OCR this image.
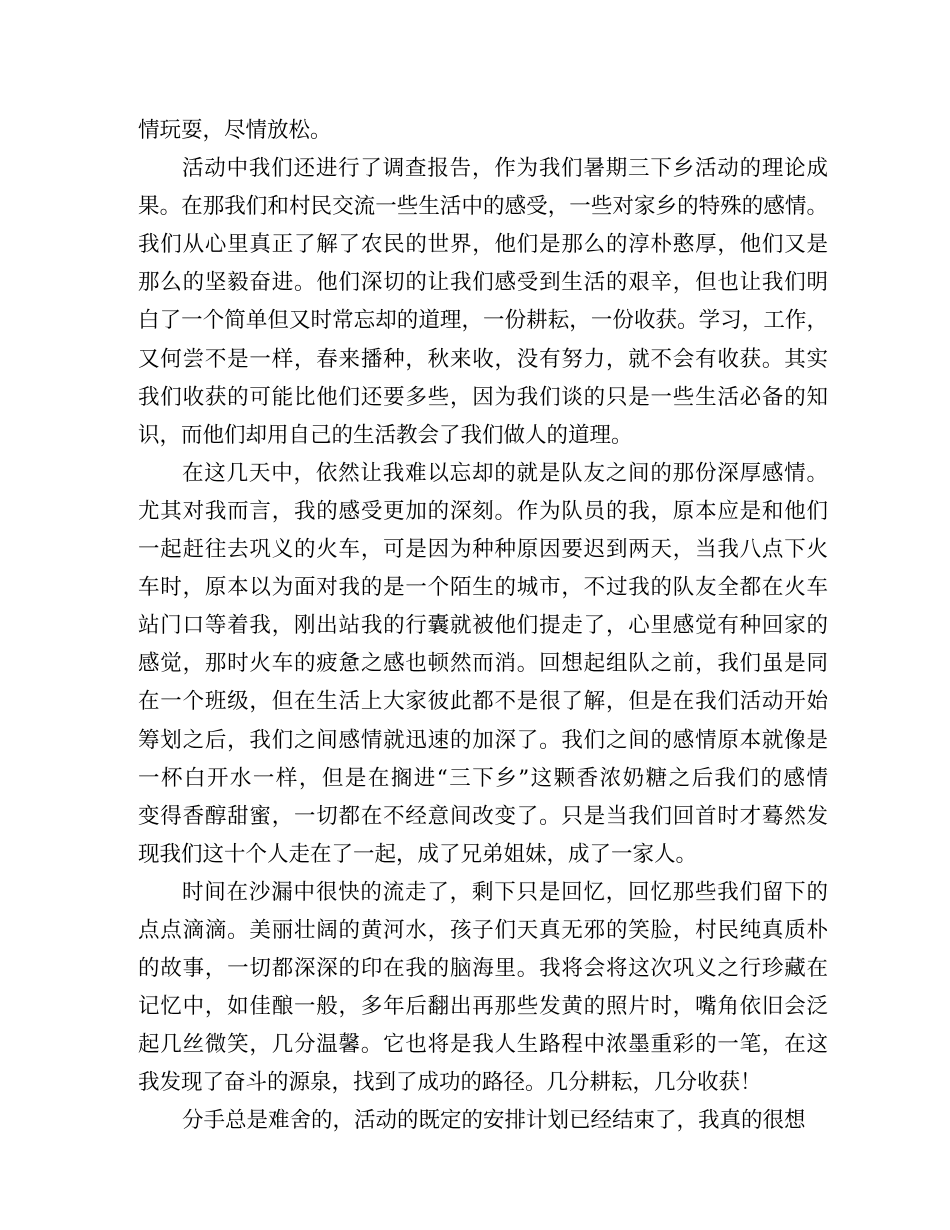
情玩耍，尽情放松。
活动中我们还进行了调查报告，作为我们暑期三下乡活动的理论成
果。在那我们和村民交流一些生活中的感受，一些对家乡的特殊的感情。
我们从心里真正了解了农民的世界，他们是那么的淳朴憨厚，他们又是
那么的坚毅奋进。他们深切的让我们感受到生活的艰辛，但也让我们明
白了一个简单但又时常忘却的道理，一份耕耘，一份收获。学习，工作，
又何尝不是一样，春来播种，秋来收，没有努力，就不会有收获。其实
我们收获的可能比他们还要多些，因为我们谈的只是一些生活必备的知
识，而他们却用自己的生活教会了我们做人的道理。
在这几天中，依然让我难以忘却的就是队友之间的那份深厚感情。
尤其对我而言，我的感受更加的深刻。作为队员的我，原本应是和他们
一起赶往去巩义的火车，可是因为种种原因要迟到两天，当我八点下火
车时，原本以为面对我的是一个陌生的城市，不过我的队友全都在火车
站门口等着我，刚出站我的行囊就被他们提走了，心里感觉有种回家的
感觉，那时火车的疲惫之感也顿然而消。回想起组队之前，我们虽是同
在一个班级，但在生活上大家彼此都不是很了解，但是在我们活动开始
筹划之后，我们之间感情就迅速的加深了。我们之间的感情原本就像是
一杯白开水一样，但是在搁进“三下乡”这颗香浓奶糖之后我们的感情
变得香醇甜蜜，一切都在不经意间改变了。只是当我们回首时才蓦然发
现我们这十个人走在了一起，成了兄弟姐妹，成了一家人。
时间在沙漏中很快的流走了，剩下只是回忆，回忆那些我们留下的
点点滴滴。美丽壮阔的黄河水，孩子们天真无邪的笑脸，村民纯真质朴
的故事，一切都深深的印在我的脑海里。我将会将这次巩义之行珍藏在
记忆中，如佳酿一般，多年后翻出再那些发黄的照片时，嘴角依旧会泛
起几丝微笑，几分温馨。它也将是我人生路程中浓墨重彩的一笔，在这
我发现了奋斗的源泉，找到了成功的路径。几分耕耘，几分收获！
分手总是难舍的，活动的既定的安排计划已经结束了，我真的很想
